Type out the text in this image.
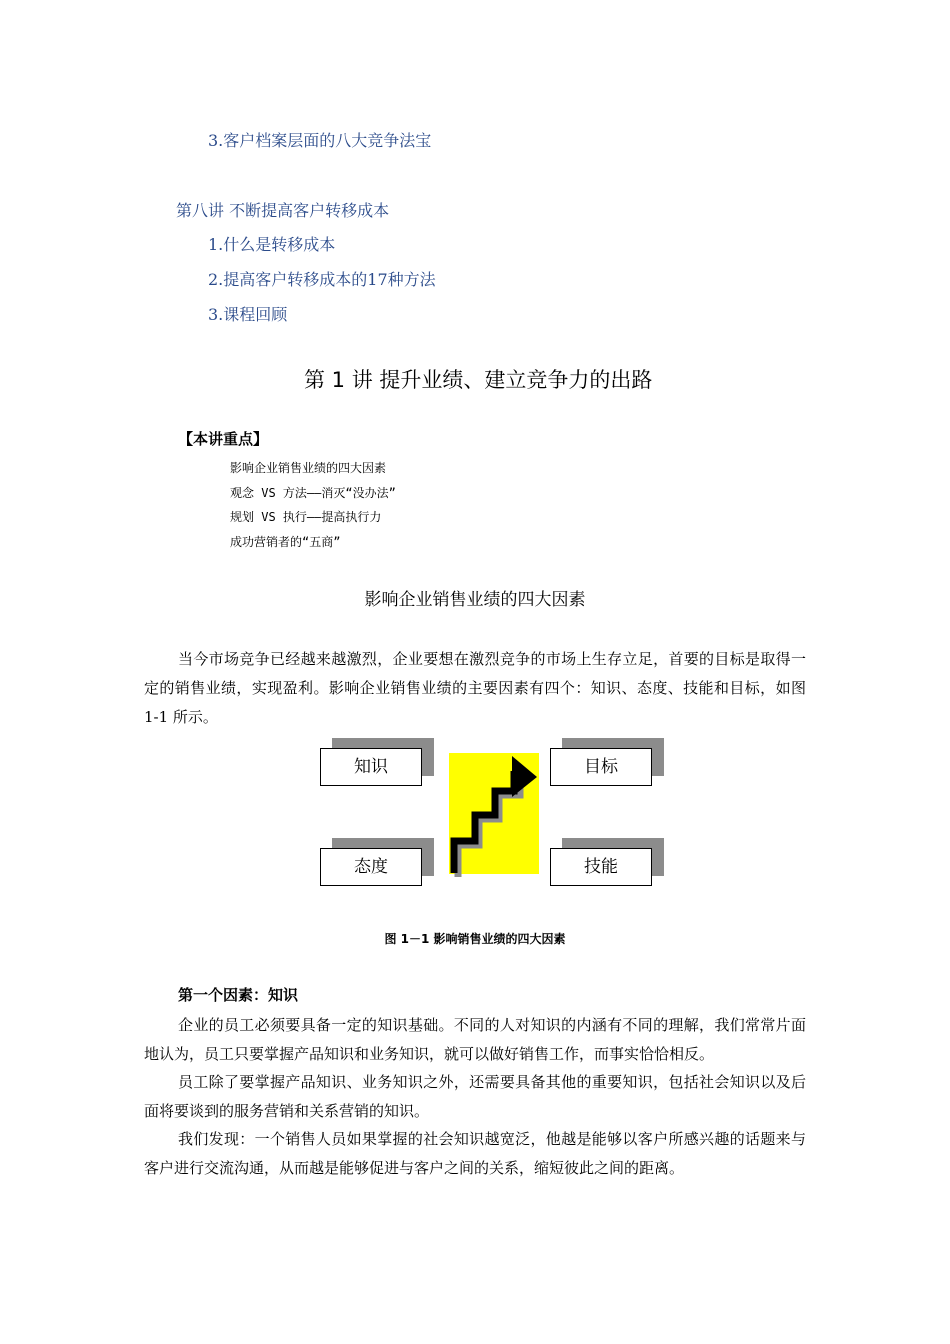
3.客户档案层面的八大竞争法宝
第八讲 不断提高客户转移成本
1.什么是转移成本
2.提高客户转移成本的17种方法
3.课程回顾
第 1 讲 提升业绩、建立竞争力的出路
【本讲重点】
影响企业销售业绩的四大因素
观念 VS 方法——消灭“没办法”
规划 VS 执行——提高执行力
成功营销者的“五商”
影响企业销售业绩的四大因素

当今市场竞争已经越来越激烈，企业要想在激烈竞争的市场上生存立足，首要的目标是取得一定的销售业绩，实现盈利。影响企业销售业绩的主要因素有四个：知识、态度、技能和目标，如图 1-1 所示。

知识	目标
态度	技能
图 1－1 影响销售业绩的四大因素
第一个因素：知识

企业的员工必须要具备一定的知识基础。不同的人对知识的内涵有不同的理解，我们常常片面地认为，员工只要掌握产品知识和业务知识，就可以做好销售工作，而事实恰恰相反。

员工除了要掌握产品知识、业务知识之外，还需要具备其他的重要知识，包括社会知识以及后面将要谈到的服务营销和关系营销的知识。

我们发现：一个销售人员如果掌握的社会知识越宽泛，他越是能够以客户所感兴趣的话题来与客户进行交流沟通，从而越是能够促进与客户之间的关系，缩短彼此之间的距离。
